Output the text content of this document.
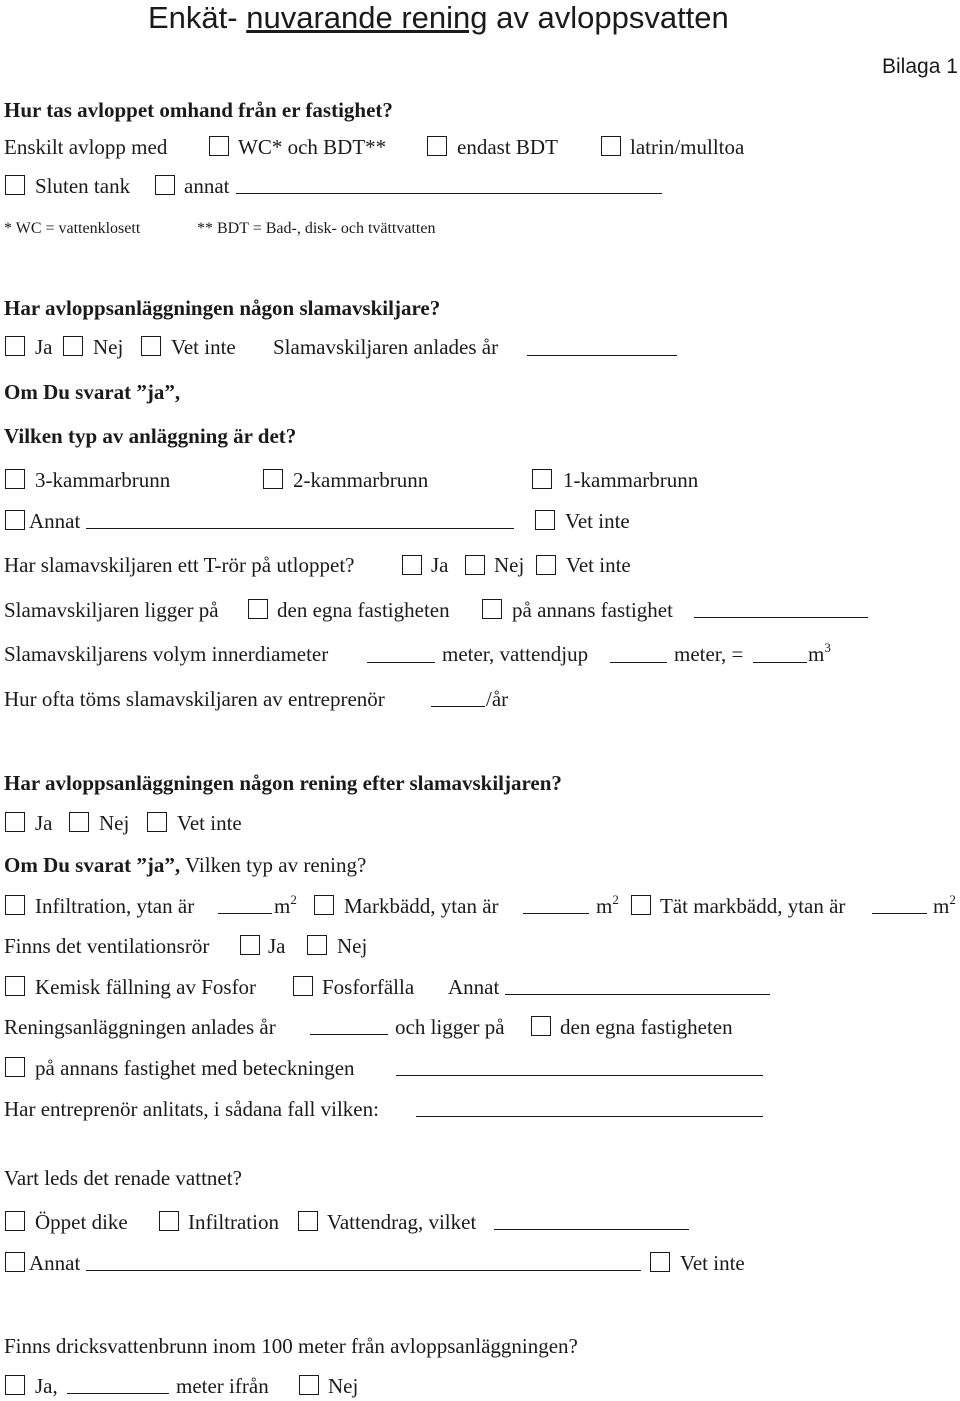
Enkät- nuvarande rening av avloppsvatten
Bilaga 1
Hur tas avloppet omhand från er fastighet?
Enskilt avlopp med	WC* och BDT**	endast BDT	latrin/mulltoa
Sluten tank	annat
* WC = vattenklosett	** BDT = Bad-, disk- och tvättvatten
Har avloppsanläggningen någon slamavskiljare?
Ja Nej Vet inte Slamavskiljaren anlades år
Om Du svarat ”ja”,
Vilken typ av anläggning är det?
3-kammarbrunn	2-kammarbrunn	1-kammarbrunn
Annat	Vet inte
Har slamavskiljaren ett T-rör på utloppet?	Ja Nej Vet inte
Slamavskiljaren ligger på	den egna fastigheten	på annans fastighet
Slamavskiljarens volym innerdiameter	meter, vattendjup	meter, =	$m^3$
Hur ofta töms slamavskiljaren av entreprenör	/år
Har avloppsanläggningen någon rening efter slamavskiljaren?
Ja Nej Vet inte
Om Du svarat ”ja”, Vilken typ av rening?
Infiltration, ytan är	$m^2$ Markbädd, ytan är	$m^2$ Tät markbädd, ytan är	$m^2$
Finns det ventilationsrör	Ja Nej
Kemisk fällning av Fosfor	Fosforfälla Annat
Reningsanläggningen anlades år	och ligger på	den egna fastigheten
på annans fastighet med beteckningen
Har entreprenör anlitats, i sådana fall vilken:
Vart leds det renade vattnet?
Öppet dike	Infiltration Vattendrag, vilket
Annat	Vet inte
Finns dricksvattenbrunn inom 100 meter från avloppsanläggningen?
Ja,	meter ifrån	Nej
